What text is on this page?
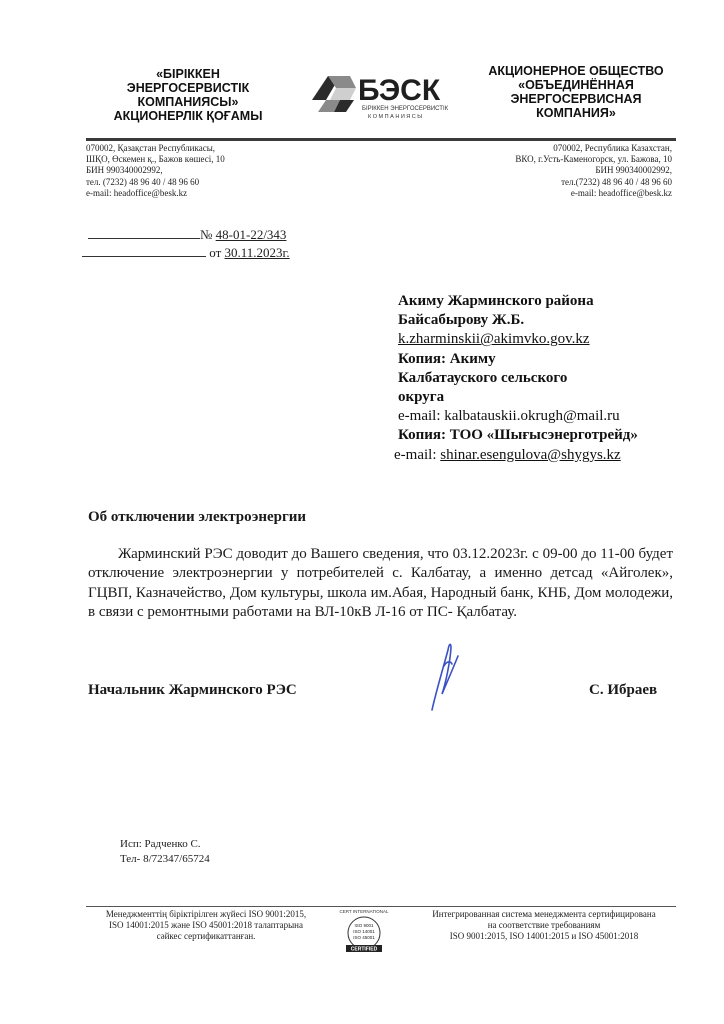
«БІРІККЕН
ЭНЕРГОСЕРВИСТІК
КОМПАНИЯСЫ»
АКЦИОНЕРЛІК ҚОҒАМЫ
БЭСК
БІРІККЕН ЭНЕРГОСЕРВИСТІК
К О М П А Н И Я С Ы
АКЦИОНЕРНОЕ ОБЩЕСТВО
«ОБЪЕДИНЁННАЯ
ЭНЕРГОСЕРВИСНАЯ
КОМПАНИЯ»
070002, Қазақстан Республикасы,
ШҚО, Өскемен қ., Бажов көшесі, 10
БИН 990340002992,
тел. (7232) 48 96 40 / 48 96 60
e-mail: headoffice@besk.kz
070002, Республика Казахстан,
ВКО, г.Усть-Каменогорск, ул. Бажова, 10
БИН 990340002992,
тел.(7232) 48 96 40 / 48 96 60
e-mail: headoffice@besk.kz
№ 48-01-22/343
от 30.11.2023г.
Акиму Жарминского района
Байсабырову Ж.Б.
k.zharminskii@akimvko.gov.kz
Копия: Акиму
Калбатауского сельского
округа
e-mail: kalbatauskii.okrugh@mail.ru
Копия: ТОО «Шығысэнерготрейд»
e-mail: shinar.esengulova@shygys.kz
Об отключении электроэнергии
Жарминский РЭС доводит до Вашего сведения, что 03.12.2023г. с 09-00 до 11-00 будет отключение электроэнергии у потребителей с. Калбатау, а именно детсад «Айголек», ГЦВП, Казначейство, Дом культуры, школа им.Абая, Народный банк, КНБ, Дом молодежи, в связи с ремонтными работами на ВЛ-10кВ Л-16 от ПС- Қалбатау.
Начальник Жарминского РЭС	С. Ибраев
Исп: Радченко С.
Тел- 8/72347/65724
Менеджменттің біріктірілген жүйесі ISO 9001:2015,
ISO 14001:2015 және ISO 45001:2018 талаптарына
сәйкес сертификаттанған.
CERT INTERNATIONAL
ISO 9001
ISO 14001
ISO 45001
CERTIFIED
Интегрированная система менеджмента сертифицирована
на соответствие требованиям
ISO 9001:2015, ISO 14001:2015 и ISO 45001:2018
